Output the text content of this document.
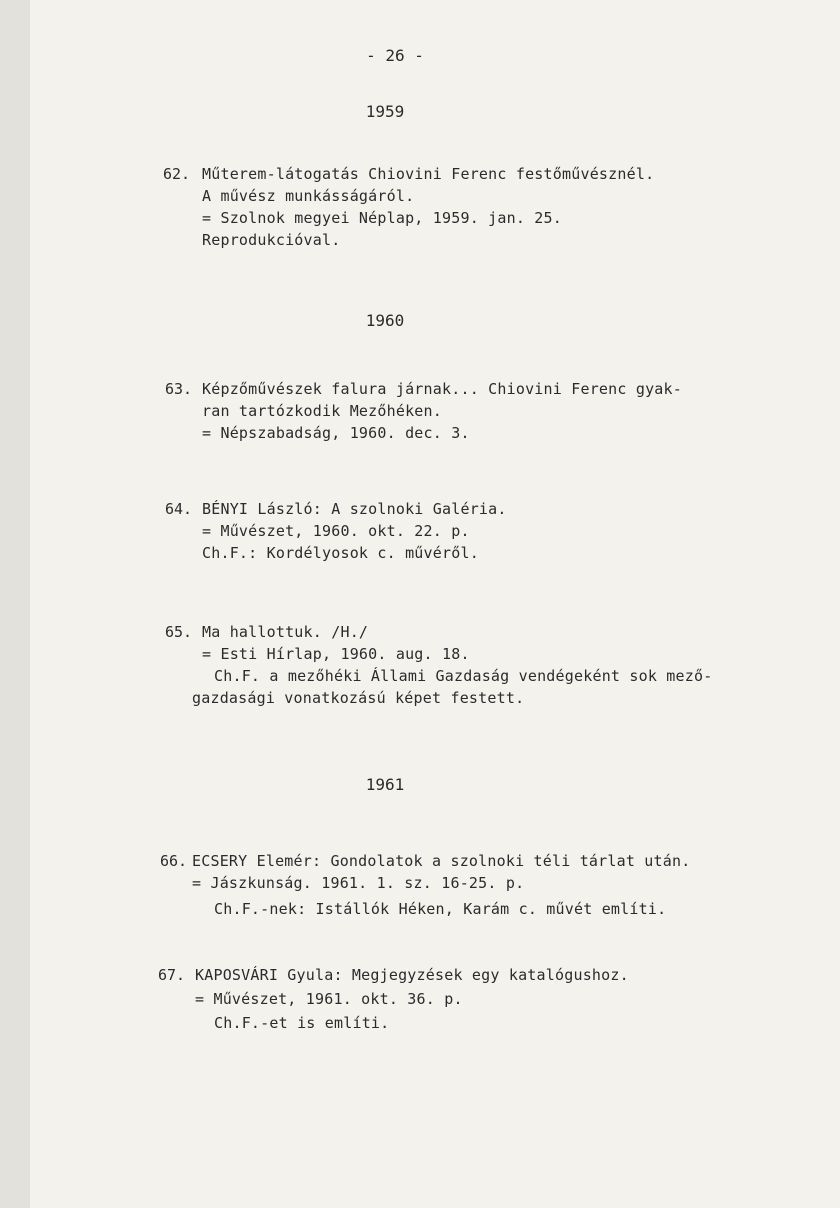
- 26 -
1959
62. Műterem-látogatás Chiovini Ferenc festőművésznél.
A művész munkásságáról.
= Szolnok megyei Néplap, 1959. jan. 25.
Reprodukcióval.
1960
63. Képzőművészek falura járnak... Chiovini Ferenc gyak-
ran tartózkodik Mezőhéken.
= Népszabadság, 1960. dec. 3.
64. BÉNYI László: A szolnoki Galéria.
= Művészet, 1960. okt. 22. p.
Ch.F.: Kordélyosok c. művéről.
65. Ma hallottuk. /H./
= Esti Hírlap, 1960. aug. 18.
Ch.F. a mezőhéki Állami Gazdaság vendégeként sok mező-
gazdasági vonatkozású képet festett.
1961
66. ECSERY Elemér: Gondolatok a szolnoki téli tárlat után.
= Jászkunság. 1961. 1. sz. 16-25. p.
Ch.F.-nek: Istállók Héken, Karám c. művét említi.
67. KAPOSVÁRI Gyula: Megjegyzések egy katalógushoz.
= Művészet, 1961. okt. 36. p.
Ch.F.-et is említi.
